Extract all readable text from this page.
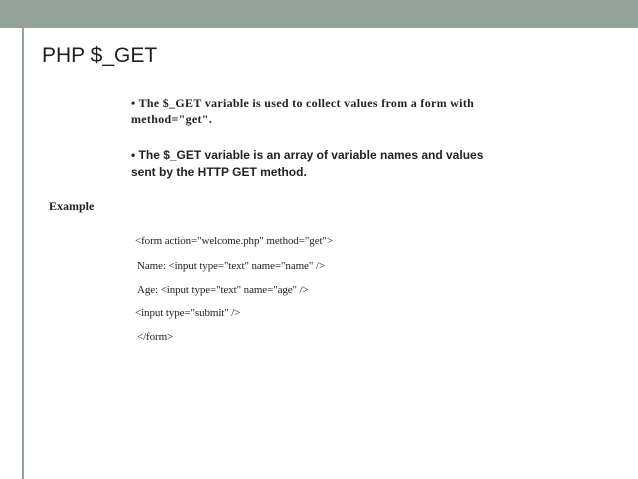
PHP $_GET
• The $_GET variable is used to collect values from a form with method="get".
• The $_GET variable is an array of variable names and values sent by the HTTP GET method.
Example
<form action="welcome.php" method="get">
Name: <input type="text" name="name" />
Age: <input type="text" name="age" />
<input type="submit" />
</form>
